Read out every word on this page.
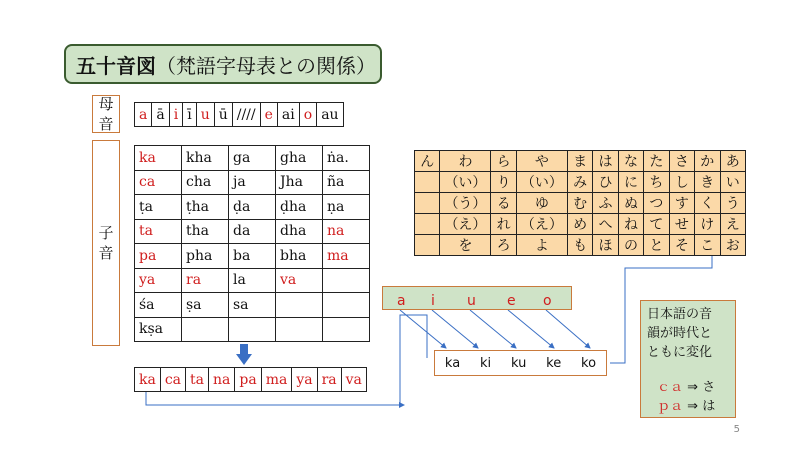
五十音図 （梵語字母表との関係）
母
音
子
音
a	ā	i	ī	u	ū	////	e	ai	o	au
ka	kha	ga	gha	ṅa.
ca	cha	ja	Jha	ña
ṭa	ṭha	ḍa	ḍha	ṇa
ta	tha	da	dha	na
pa	pha	ba	bha	ma
ya	ra	la	va	
śa	ṣa	sa		
kṣa				
ka	ca	ta	na	pa	ma	ya	ra	va
a i u e o
ka ki ku ke ko
ん	わ	ら	や	ま	は	な	た	さ	か	あ
	（い）	り	（い）	み	ひ	に	ち	し	き	い
	（う）	る	ゆ	む	ふ	ぬ	つ	す	く	う
	（え）	れ	（え）	め	へ	ね	て	せ	け	え
	を	ろ	よ	も	ほ	の	と	そ	こ	お
日本語の音
韻が時代と
ともに変化
ｃａ ⇒ さ
ｐａ ⇒ は
5
